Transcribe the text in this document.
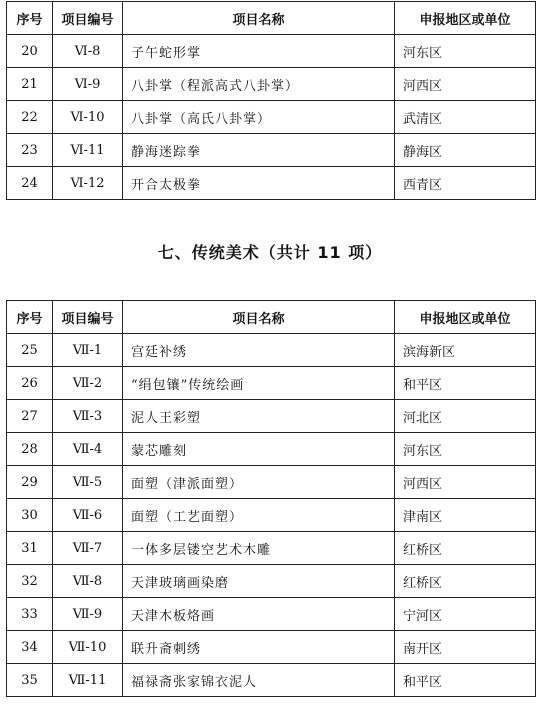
序号	项目编号	项目名称	申报地区或单位
20	Ⅵ-8	子午蛇形掌	河东区
21	Ⅵ-9	八卦掌（程派高式八卦掌）	河西区
22	Ⅵ-10	八卦掌（高氏八卦掌）	武清区
23	Ⅵ-11	静海迷踪拳	静海区
24	Ⅵ-12	开合太极拳	西青区
七、传统美术（共计 11 项）
序号	项目编号	项目名称	申报地区或单位
25	Ⅶ-1	宫廷补绣	滨海新区
26	Ⅶ-2	“绢包镶”传统绘画	和平区
27	Ⅶ-3	泥人王彩塑	河北区
28	Ⅶ-4	蒙芯雕刻	河东区
29	Ⅶ-5	面塑（津派面塑）	河西区
30	Ⅶ-6	面塑（工艺面塑）	津南区
31	Ⅶ-7	一体多层镂空艺术木雕	红桥区
32	Ⅶ-8	天津玻璃画染磨	红桥区
33	Ⅶ-9	天津木板烙画	宁河区
34	Ⅶ-10	联升斋刺绣	南开区
35	Ⅶ-11	福禄斋张家锦衣泥人	和平区
